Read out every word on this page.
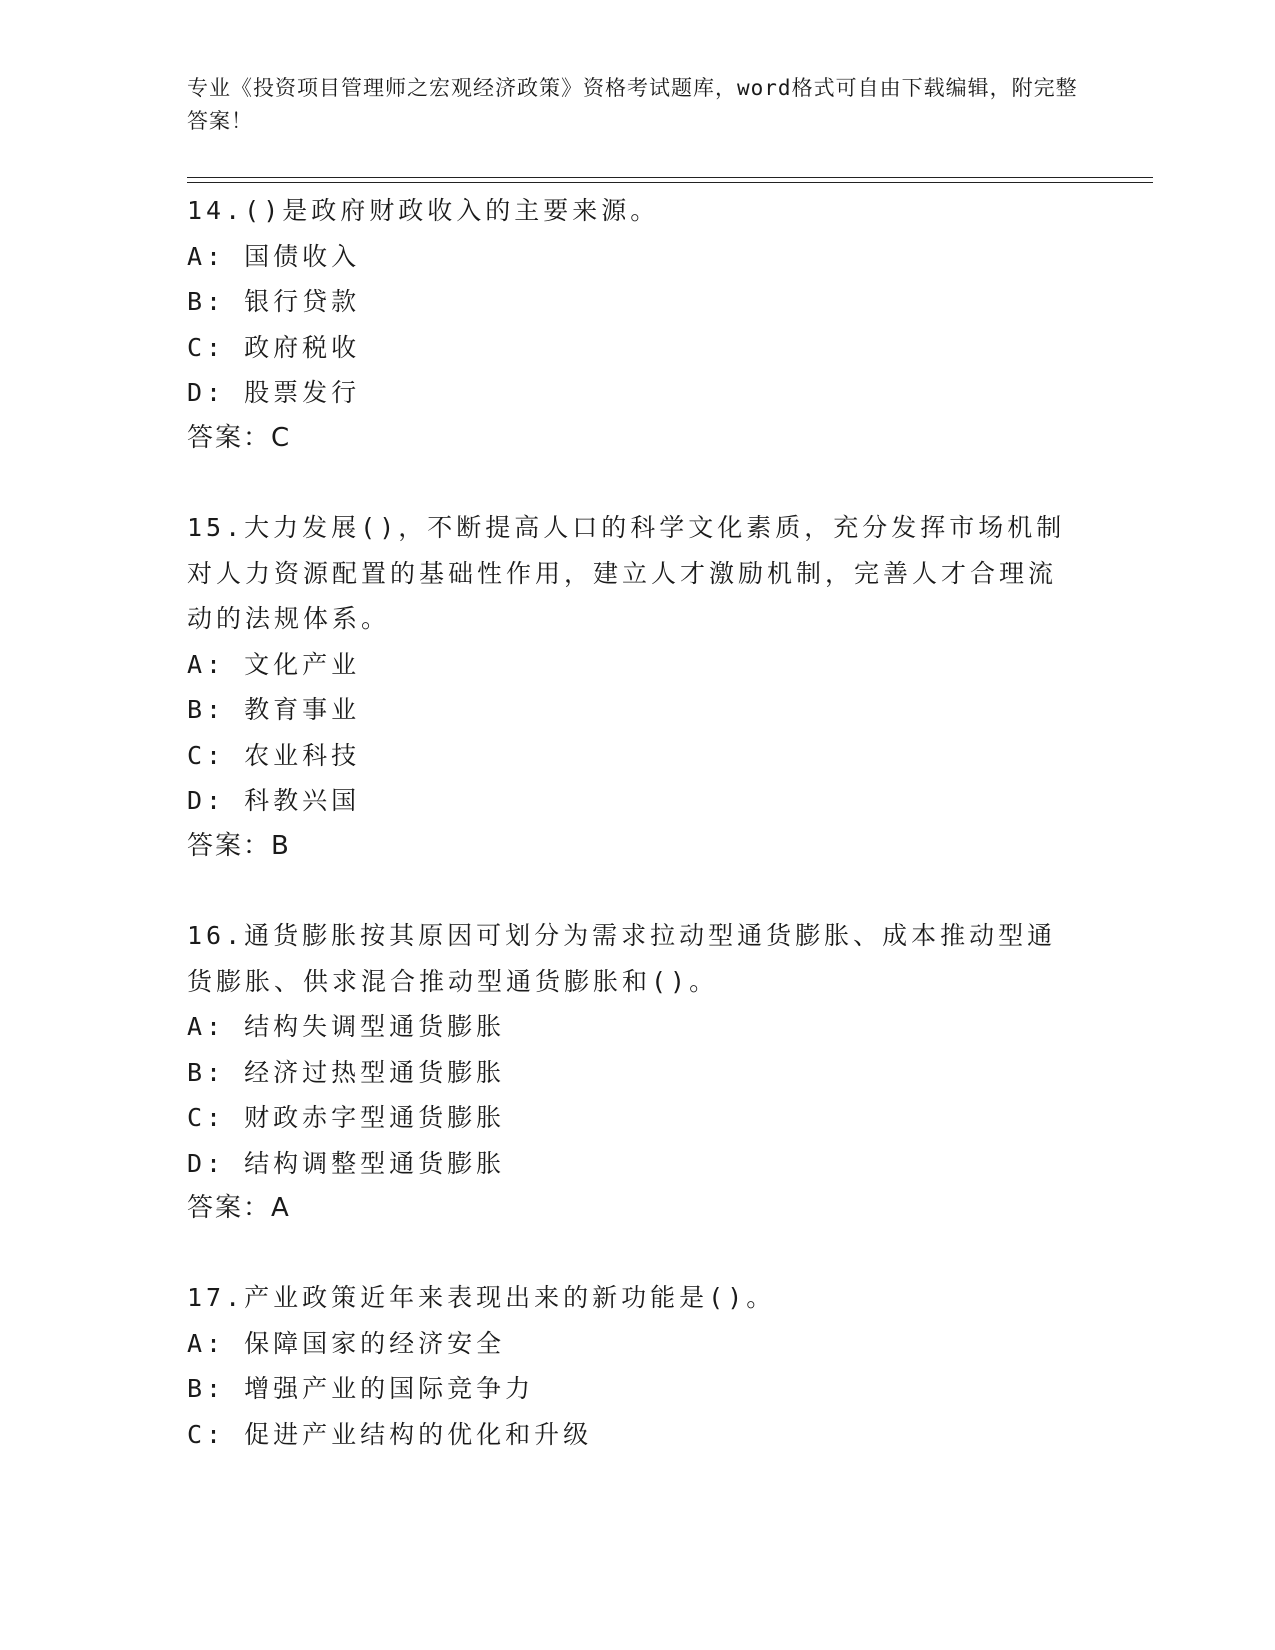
专业《投资项目管理师之宏观经济政策》资格考试题库，word格式可自由下载编辑，附完整答案！

14.()是政府财政收入的主要来源。

A: 国债收入

B: 银行贷款

C: 政府税收

D: 股票发行

答案：C

15.大力发展()，不断提高人口的科学文化素质，充分发挥市场机制对人力资源配置的基础性作用，建立人才激励机制，完善人才合理流动的法规体系。

A: 文化产业

B: 教育事业

C: 农业科技

D: 科教兴国

答案：B

16.通货膨胀按其原因可划分为需求拉动型通货膨胀、成本推动型通货膨胀、供求混合推动型通货膨胀和()。

A: 结构失调型通货膨胀

B: 经济过热型通货膨胀

C: 财政赤字型通货膨胀

D: 结构调整型通货膨胀

答案：A

17.产业政策近年来表现出来的新功能是()。

A: 保障国家的经济安全

B: 增强产业的国际竞争力

C: 促进产业结构的优化和升级
